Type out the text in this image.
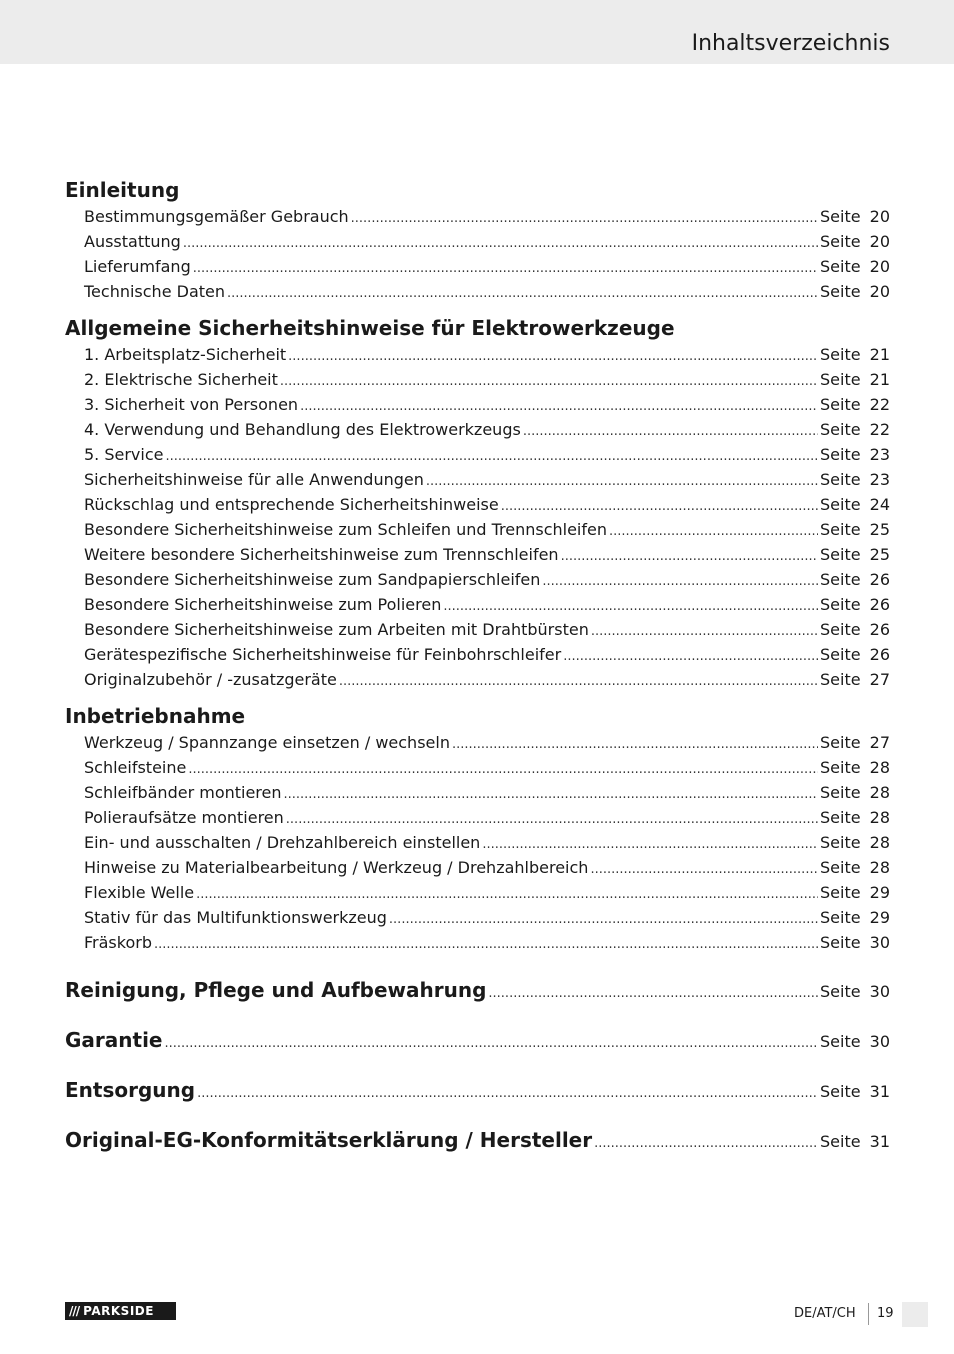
Inhaltsverzeichnis
Einleitung
Bestimmungsgemäßer Gebrauch .....	Seite 20
Ausstattung .....	Seite 20
Lieferumfang .....	Seite 20
Technische Daten .....	Seite 20
Allgemeine Sicherheitshinweise für Elektrowerkzeuge
1. Arbeitsplatz-Sicherheit .....	Seite 21
2. Elektrische Sicherheit .....	Seite 21
3. Sicherheit von Personen .....	Seite 22
4. Verwendung und Behandlung des Elektrowerkzeugs .....	Seite 22
5. Service .....	Seite 23
Sicherheitshinweise für alle Anwendungen .....	Seite 23
Rückschlag und entsprechende Sicherheitshinweise .....	Seite 24
Besondere Sicherheitshinweise zum Schleifen und Trennschleifen .....	Seite 25
Weitere besondere Sicherheitshinweise zum Trennschleifen .....	Seite 25
Besondere Sicherheitshinweise zum Sandpapierschleifen .....	Seite 26
Besondere Sicherheitshinweise zum Polieren .....	Seite 26
Besondere Sicherheitshinweise zum Arbeiten mit Drahtbürsten .....	Seite 26
Gerätespezifische Sicherheitshinweise für Feinbohrschleifer .....	Seite 26
Originalzubehör / -zusatzgeräte .....	Seite 27
Inbetriebnahme
Werkzeug / Spannzange einsetzen / wechseln .....	Seite 27
Schleifsteine .....	Seite 28
Schleifbänder montieren .....	Seite 28
Polieraufsätze montieren .....	Seite 28
Ein- und ausschalten / Drehzahlbereich einstellen .....	Seite 28
Hinweise zu Materialbearbeitung / Werkzeug / Drehzahlbereich .....	Seite 28
Flexible Welle .....	Seite 29
Stativ für das Multifunktionswerkzeug .....	Seite 29
Fräskorb .....	Seite 30
Reinigung, Pflege und Aufbewahrung .....	Seite 30
Garantie .....	Seite 30
Entsorgung .....	Seite 31
Original-EG-Konformitätserklärung / Hersteller .....	Seite 31
/// PARKSIDE	DE/AT/CH 19
